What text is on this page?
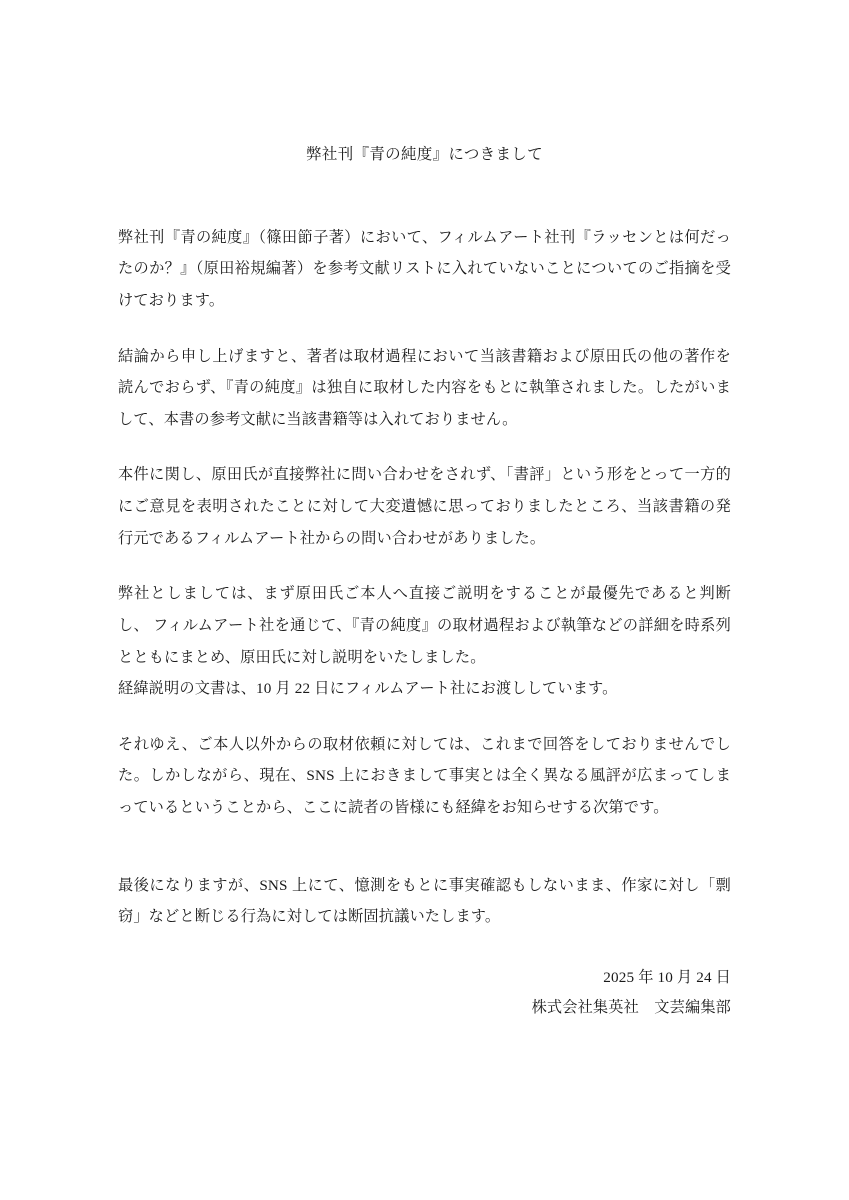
弊社刊『青の純度』につきまして

弊社刊『青の純度』（篠田節子著）において、フィルムアート社刊『ラッセンとは何だったのか？』（原田裕規編著）を参考文献リストに入れていないことについてのご指摘を受けております。

結論から申し上げますと、著者は取材過程において当該書籍および原田氏の他の著作を読んでおらず、『青の純度』は独自に取材した内容をもとに執筆されました。したがいまして、本書の参考文献に当該書籍等は入れておりません。

本件に関し、原田氏が直接弊社に問い合わせをされず、「書評」という形をとって一方的にご意見を表明されたことに対して大変遺憾に思っておりましたところ、当該書籍の発行元であるフィルムアート社からの問い合わせがありました。

弊社としましては、まず原田氏ご本人へ直接ご説明をすることが最優先であると判断し、 フィルムアート社を通じて、『青の純度』の取材過程および執筆などの詳細を時系列とともにまとめ、原田氏に対し説明をいたしました。

経緯説明の文書は、10 月 22 日にフィルムアート社にお渡ししています。

それゆえ、ご本人以外からの取材依頼に対しては、これまで回答をしておりませんでした。しかしながら、現在、SNS 上におきまして事実とは全く異なる風評が広まってしまっているということから、ここに読者の皆様にも経緯をお知らせする次第です。

最後になりますが、SNS 上にて、憶測をもとに事実確認もしないまま、作家に対し「剽窃」などと断じる行為に対しては断固抗議いたします。

2025 年 10 月 24 日
株式会社集英社　文芸編集部
